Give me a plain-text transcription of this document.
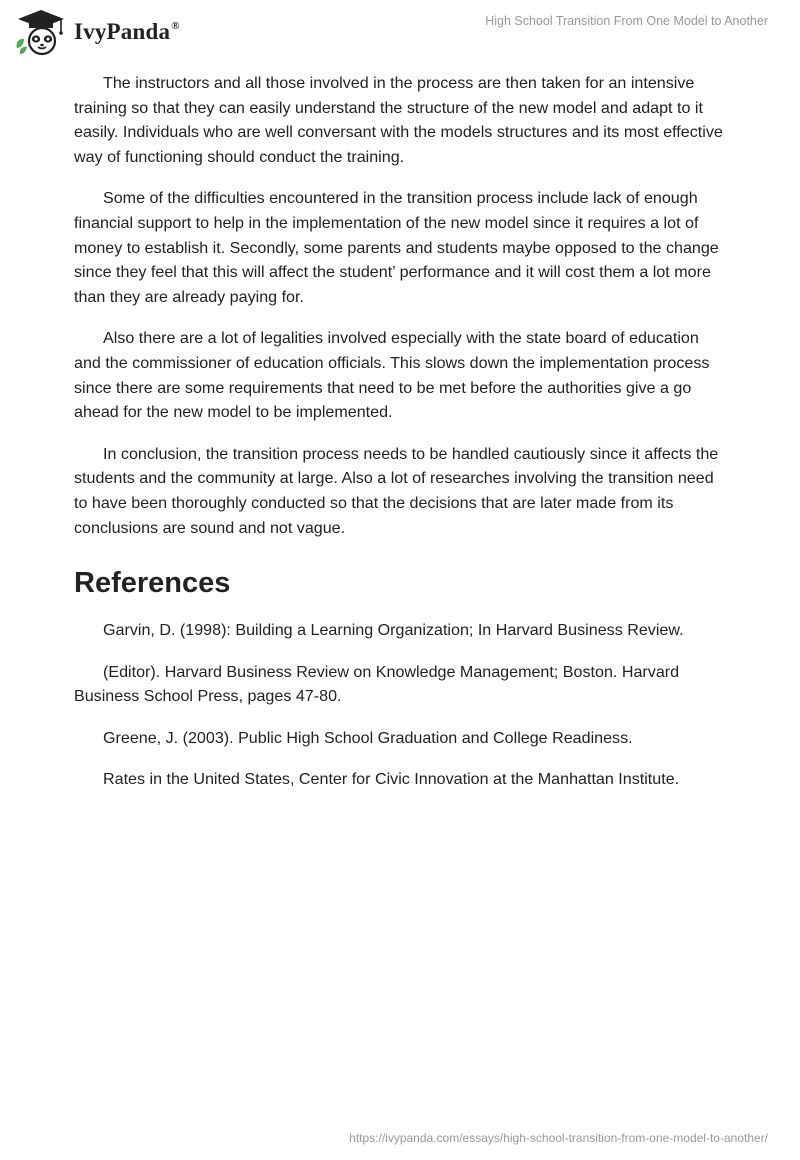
IvyPanda®	High School Transition From One Model to Another

The instructors and all those involved in the process are then taken for an intensive training so that they can easily understand the structure of the new model and adapt to it easily. Individuals who are well conversant with the models structures and its most effective way of functioning should conduct the training.

Some of the difficulties encountered in the transition process include lack of enough financial support to help in the implementation of the new model since it requires a lot of money to establish it. Secondly, some parents and students maybe opposed to the change since they feel that this will affect the student’ performance and it will cost them a lot more than they are already paying for.

Also there are a lot of legalities involved especially with the state board of education and the commissioner of education officials. This slows down the implementation process since there are some requirements that need to be met before the authorities give a go ahead for the new model to be implemented.

In conclusion, the transition process needs to be handled cautiously since it affects the students and the community at large. Also a lot of researches involving the transition need to have been thoroughly conducted so that the decisions that are later made from its conclusions are sound and not vague.

References

Garvin, D. (1998): Building a Learning Organization; In Harvard Business Review.

(Editor). Harvard Business Review on Knowledge Management; Boston. Harvard Business School Press, pages 47-80.

Greene, J. (2003). Public High School Graduation and College Readiness.

Rates in the United States, Center for Civic Innovation at the Manhattan Institute.

https://ivypanda.com/essays/high-school-transition-from-one-model-to-another/
